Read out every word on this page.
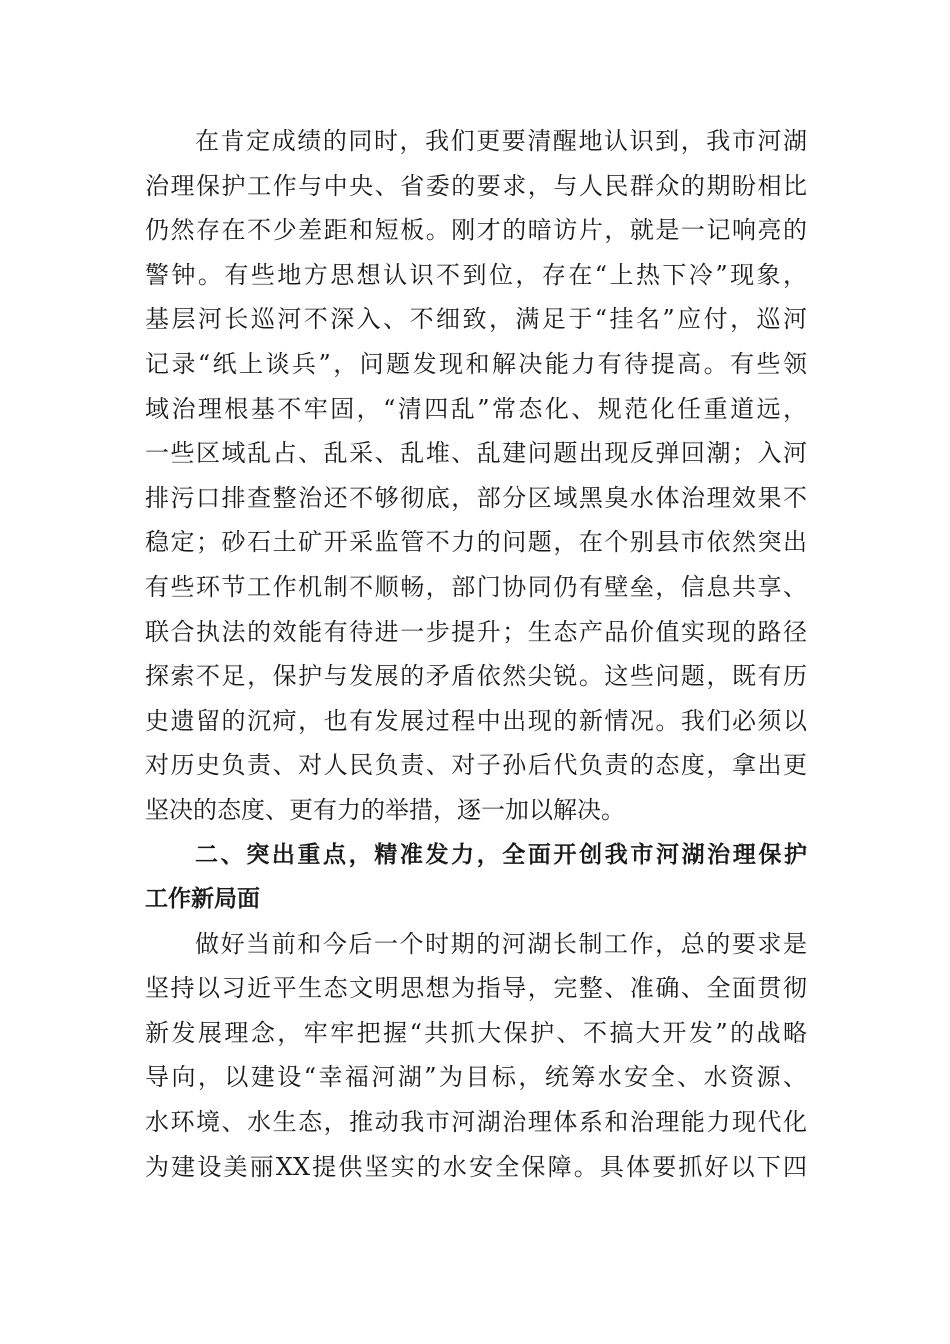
在肯定成绩的同时，我们更要清醒地认识到，我市河湖
治理保护工作与中央、省委的要求，与人民群众的期盼相比
仍然存在不少差距和短板。刚才的暗访片，就是一记响亮的
警钟。有些地方思想认识不到位，存在“上热下冷”现象，
基层河长巡河不深入、不细致，满足于“挂名”应付，巡河
记录“纸上谈兵”，问题发现和解决能力有待提高。有些领
域治理根基不牢固，“清四乱”常态化、规范化任重道远，
一些区域乱占、乱采、乱堆、乱建问题出现反弹回潮；入河
排污口排查整治还不够彻底，部分区域黑臭水体治理效果不
稳定；砂石土矿开采监管不力的问题，在个别县市依然突出
有些环节工作机制不顺畅，部门协同仍有壁垒，信息共享、
联合执法的效能有待进一步提升；生态产品价值实现的路径
探索不足，保护与发展的矛盾依然尖锐。这些问题，既有历
史遗留的沉疴，也有发展过程中出现的新情况。我们必须以
对历史负责、对人民负责、对子孙后代负责的态度，拿出更
坚决的态度、更有力的举措，逐一加以解决。
二、突出重点，精准发力，全面开创我市河湖治理保护
工作新局面
做好当前和今后一个时期的河湖长制工作，总的要求是
坚持以习近平生态文明思想为指导，完整、准确、全面贯彻
新发展理念，牢牢把握“共抓大保护、不搞大开发”的战略
导向，以建设“幸福河湖”为目标，统筹水安全、水资源、
水环境、水生态，推动我市河湖治理体系和治理能力现代化
为建设美丽XX提供坚实的水安全保障。具体要抓好以下四
